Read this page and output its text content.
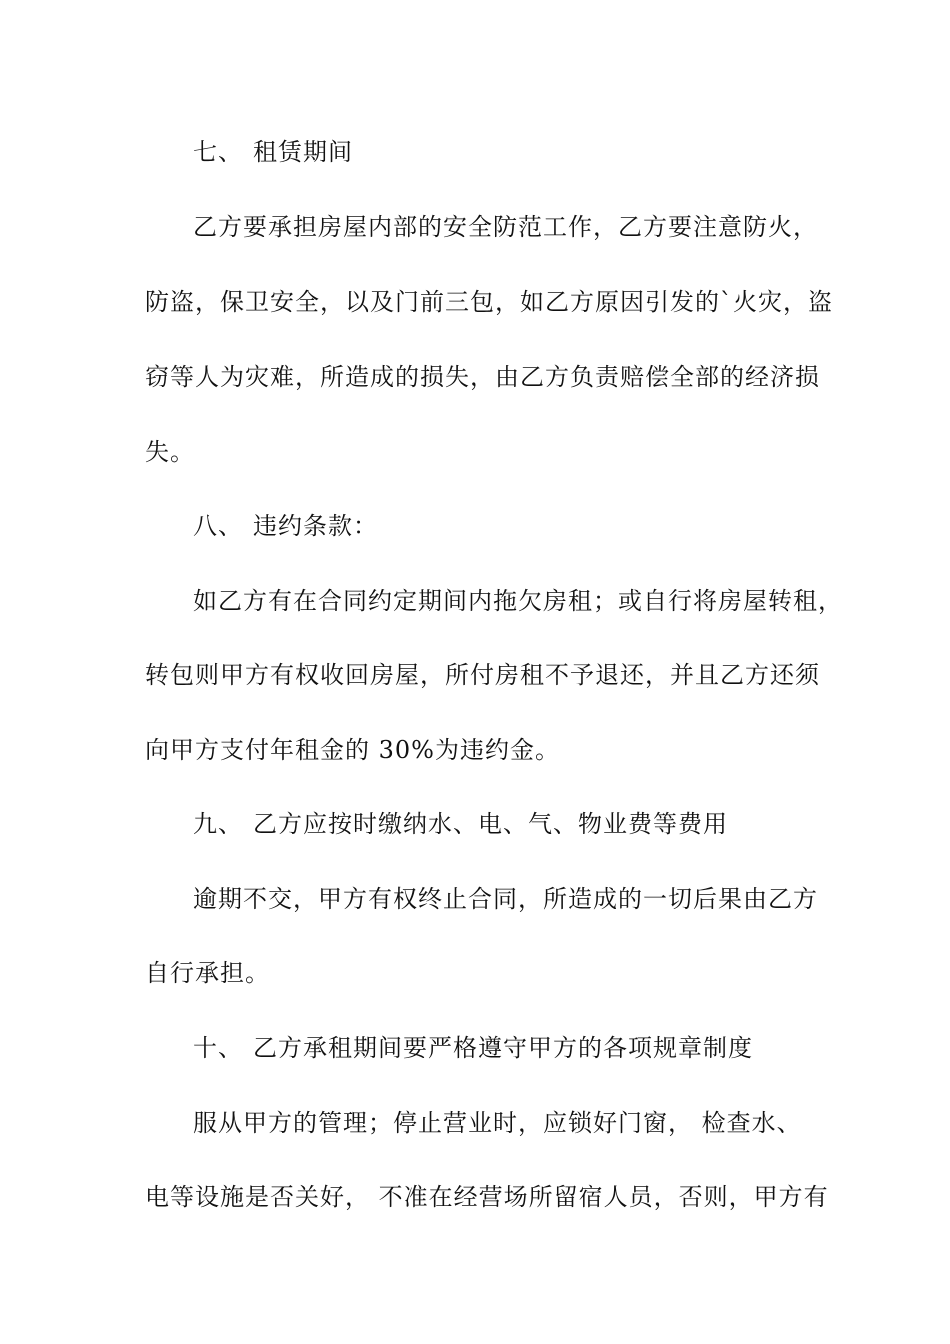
七、 租赁期间
乙方要承担房屋内部的安全防范工作，乙方要注意防火，
防盗，保卫安全，以及门前三包，如乙方原因引发的`火灾，盗
窃等人为灾难，所造成的损失，由乙方负责赔偿全部的经济损
失。
八、 违约条款：
如乙方有在合同约定期间内拖欠房租；或自行将房屋转租，
转包则甲方有权收回房屋，所付房租不予退还，并且乙方还须
向甲方支付年租金的 30%为违约金。
九、 乙方应按时缴纳水、电、气、物业费等费用
逾期不交，甲方有权终止合同，所造成的一切后果由乙方
自行承担。
十、 乙方承租期间要严格遵守甲方的各项规章制度
服从甲方的管理；停止营业时，应锁好门窗， 检查水、
电等设施是否关好， 不准在经营场所留宿人员，否则，甲方有
